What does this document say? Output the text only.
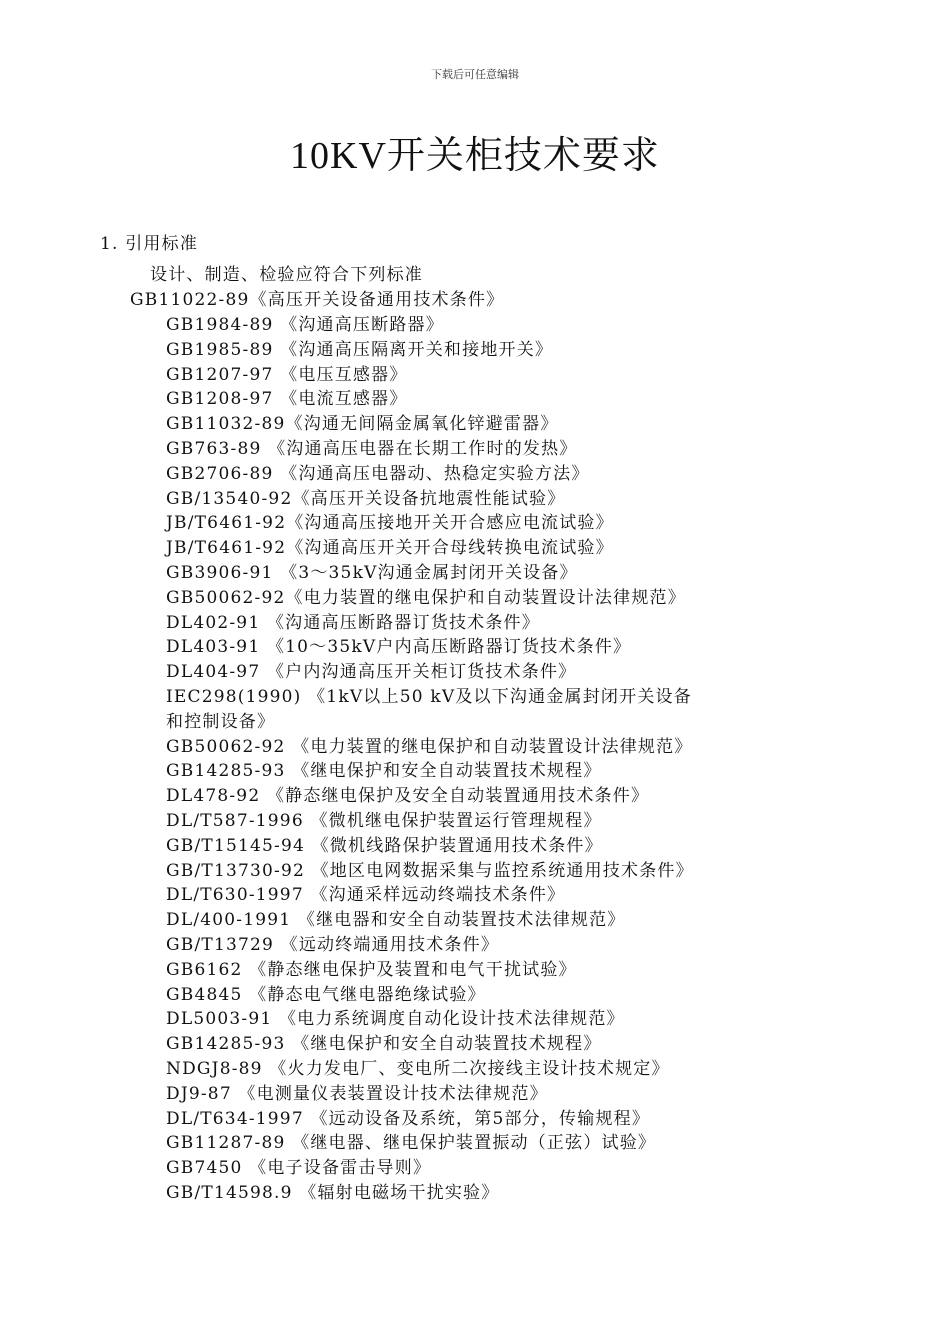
下载后可任意编辑
10KV开关柜技术要求
1. 引用标准
设计、制造、检验应符合下列标准
GB11022-89《高压开关设备通用技术条件》
GB1984-89 《沟通高压断路器》
GB1985-89 《沟通高压隔离开关和接地开关》
GB1207-97 《电压互感器》
GB1208-97 《电流互感器》
GB11032-89《沟通无间隔金属氧化锌避雷器》
GB763-89 《沟通高压电器在长期工作时的发热》
GB2706-89 《沟通高压电器动、热稳定实验方法》
GB/13540-92《高压开关设备抗地震性能试验》
JB/T6461-92《沟通高压接地开关开合感应电流试验》
JB/T6461-92《沟通高压开关开合母线转换电流试验》
GB3906-91 《3～35kV沟通金属封闭开关设备》
GB50062-92《电力装置的继电保护和自动装置设计法律规范》
DL402-91 《沟通高压断路器订货技术条件》
DL403-91 《10～35kV户内高压断路器订货技术条件》
DL404-97 《户内沟通高压开关柜订货技术条件》
IEC298(1990) 《1kV以上50 kV及以下沟通金属封闭开关设备
和控制设备》
GB50062-92 《电力装置的继电保护和自动装置设计法律规范》
GB14285-93 《继电保护和安全自动装置技术规程》
DL478-92 《静态继电保护及安全自动装置通用技术条件》
DL/T587-1996 《微机继电保护装置运行管理规程》
GB/T15145-94 《微机线路保护装置通用技术条件》
GB/T13730-92 《地区电网数据采集与监控系统通用技术条件》
DL/T630-1997 《沟通采样远动终端技术条件》
DL/400-1991 《继电器和安全自动装置技术法律规范》
GB/T13729 《远动终端通用技术条件》
GB6162 《静态继电保护及装置和电气干扰试验》
GB4845 《静态电气继电器绝缘试验》
DL5003-91 《电力系统调度自动化设计技术法律规范》
GB14285-93 《继电保护和安全自动装置技术规程》
NDGJ8-89 《火力发电厂、变电所二次接线主设计技术规定》
DJ9-87 《电测量仪表装置设计技术法律规范》
DL/T634-1997 《远动设备及系统，第5部分，传输规程》
GB11287-89 《继电器、继电保护装置振动（正弦）试验》
GB7450 《电子设备雷击导则》
GB/T14598.9 《辐射电磁场干扰实验》
